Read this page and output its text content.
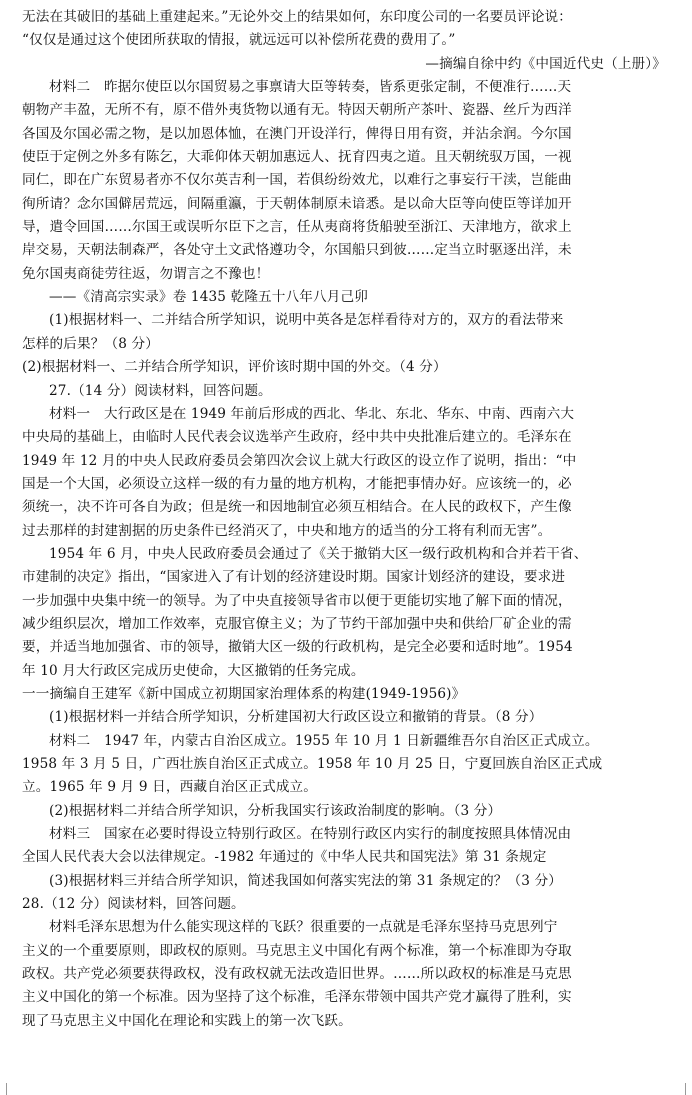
无法在其破旧的基础上重建起来。”无论外交上的结果如何，东印度公司的一名要员评论说：
“仅仅是通过这个使团所获取的情报，就远远可以补偿所花费的费用了。”
—摘编自徐中约《中国近代史（上册）》
材料二　昨据尔使臣以尔国贸易之事禀请大臣等转奏，皆系更张定制，不便准行……天
朝物产丰盈，无所不有，原不借外夷货物以通有无。特因天朝所产茶叶、瓷器、丝斤为西洋
各国及尔国必需之物，是以加恩体恤，在澳门开设洋行，俾得日用有资，并沾余润。今尔国
使臣于定例之外多有陈乞，大乖仰体天朝加惠远人、抚育四夷之道。且天朝统驭万国，一视
同仁，即在广东贸易者亦不仅尔英吉利一国，若俱纷纷效尤，以难行之事妄行干渎，岂能曲
徇所请？念尔国僻居荒远，间隔重瀛，于天朝体制原未谙悉。是以命大臣等向使臣等详加开
导，遣令回国……尔国王或误听尔臣下之言，任从夷商将货船驶至浙江、天津地方，欲求上
岸交易，天朝法制森严，各处守土文武恪遵功令，尔国船只到彼……定当立时驱逐出洋，未
免尔国夷商徒劳往返，勿谓言之不豫也！
——《清高宗实录》卷 1435 乾隆五十八年八月己卯
(1)根据材料一、二并结合所学知识，说明中英各是怎样看待对方的，双方的看法带来
怎样的后果？（8 分）
(2)根据材料一、二并结合所学知识，评价该时期中国的外交。（4 分）
27.（14 分）阅读材料，回答问题。
材料一　大行政区是在 1949 年前后形成的西北、华北、东北、华东、中南、西南六大
中央局的基础上，由临时人民代表会议选举产生政府，经中共中央批准后建立的。毛泽东在
1949 年 12 月的中央人民政府委员会第四次会议上就大行政区的设立作了说明，指出：“中
国是一个大国，必须设立这样一级的有力量的地方机构，才能把事情办好。应该统一的，必
须统一，决不许可各自为政；但是统一和因地制宜必须互相结合。在人民的政权下，产生像
过去那样的封建割据的历史条件已经消灭了，中央和地方的适当的分工将有利而无害”。
1954 年 6 月，中央人民政府委员会通过了《关于撤销大区一级行政机构和合并若干省、
市建制的决定》指出，“国家进入了有计划的经济建设时期。国家计划经济的建设，要求进
一步加强中央集中统一的领导。为了中央直接领导省市以便于更能切实地了解下面的情况，
减少组织层次，增加工作效率，克服官僚主义；为了节约干部加强中央和供给厂矿企业的需
要，并适当地加强省、市的领导，撤销大区一级的行政机构，是完全必要和适时地”。1954
年 10 月大行政区完成历史使命，大区撤销的任务完成。
一一摘编自王建军《新中国成立初期国家治理体系的构建(1949-1956)》
(1)根据材料一并结合所学知识，分析建国初大行政区设立和撤销的背景。（8 分）
材料二　1947 年，内蒙古自治区成立。1955 年 10 月 1 日新疆维吾尔自治区正式成立。
1958 年 3 月 5 日，广西壮族自治区正式成立。1958 年 10 月 25 日，宁夏回族自治区正式成
立。1965 年 9 月 9 日，西藏自治区正式成立。
(2)根据材料二并结合所学知识，分析我国实行该政治制度的影响。（3 分）
材料三　国家在必要时得设立特别行政区。在特别行政区内实行的制度按照具体情况由
全国人民代表大会以法律规定。-1982 年通过的《中华人民共和国宪法》第 31 条规定
(3)根据材料三并结合所学知识，简述我国如何落实宪法的第 31 条规定的？（3 分）
28.（12 分）阅读材料，回答问题。
材料毛泽东思想为什么能实现这样的飞跃？很重要的一点就是毛泽东坚持马克思列宁
主义的一个重要原则，即政权的原则。马克思主义中国化有两个标准，第一个标准即为夺取
政权。共产党必须要获得政权，没有政权就无法改造旧世界。……所以政权的标准是马克思
主义中国化的第一个标准。因为坚持了这个标准，毛泽东带领中国共产党才赢得了胜利，实
现了马克思主义中国化在理论和实践上的第一次飞跃。
